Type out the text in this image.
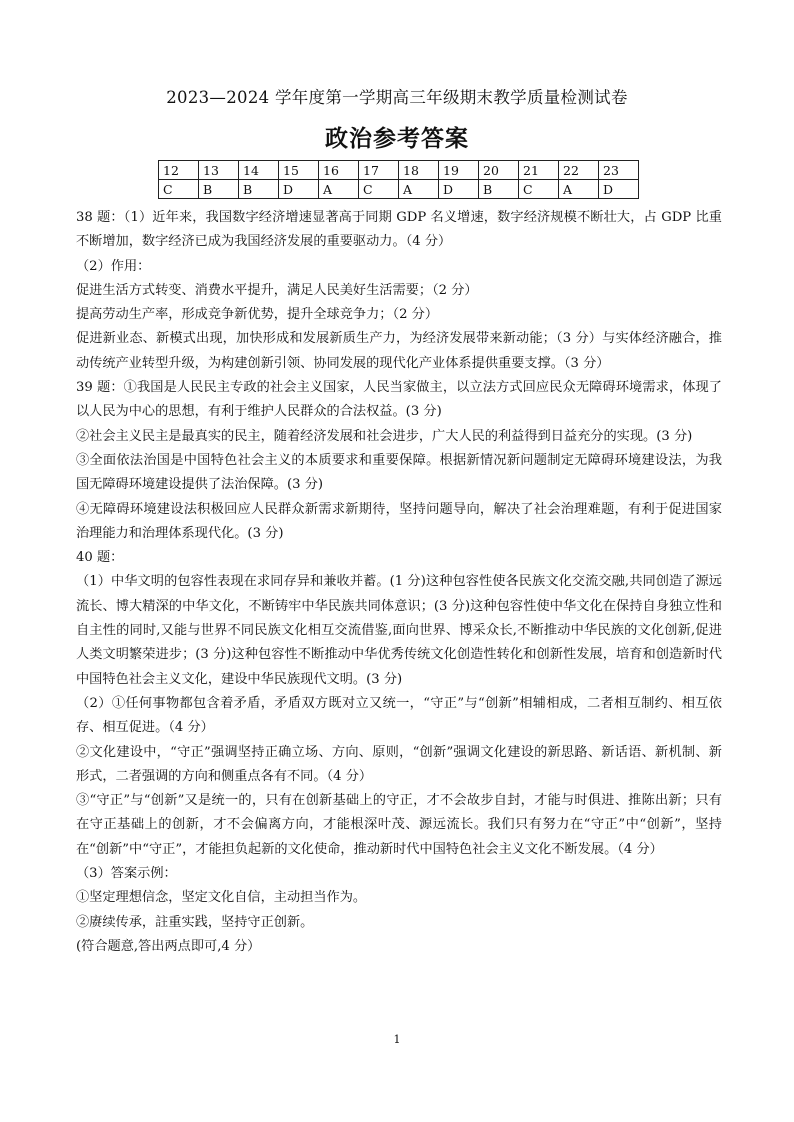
2023—2024 学年度第一学期高三年级期末教学质量检测试卷
政治参考答案
12	13	14	15	16	17	18	19	20	21	22	23
C	B	B	D	A	C	A	D	B	C	A	D

38 题：（1）近年来，我国数字经济增速显著高于同期 GDP 名义增速，数字经济规模不断壮大，占 GDP 比重不断增加，数字经济已成为我国经济发展的重要驱动力。（4 分）

（2）作用：

促进生活方式转变、消费水平提升，满足人民美好生活需要；（2 分）

提高劳动生产率，形成竞争新优势，提升全球竞争力；（2 分）

促进新业态、新模式出现，加快形成和发展新质生产力，为经济发展带来新动能；（3 分）与实体经济融合，推动传统产业转型升级，为构建创新引领、协同发展的现代化产业体系提供重要支撑。（3 分）

39 题：①我国是人民民主专政的社会主义国家，人民当家做主，以立法方式回应民众无障碍环境需求，体现了以人民为中心的思想，有利于维护人民群众的合法权益。(3 分)

②社会主义民主是最真实的民主，随着经济发展和社会进步，广大人民的利益得到日益充分的实现。(3 分)

③全面依法治国是中国特色社会主义的本质要求和重要保障。根据新情况新问题制定无障碍环境建设法，为我国无障碍环境建设提供了法治保障。(3 分)

④无障碍环境建设法积极回应人民群众新需求新期待，坚持问题导向，解决了社会治理难题，有利于促进国家治理能力和治理体系现代化。(3 分)

40 题：

（1）中华文明的包容性表现在求同存异和兼收并蓄。(1 分)这种包容性使各民族文化交流交融,共同创造了源远流长、博大精深的中华文化，不断铸牢中华民族共同体意识；(3 分)这种包容性使中华文化在保持自身独立性和自主性的同时,又能与世界不同民族文化相互交流借鉴,面向世界、博采众长,不断推动中华民族的文化创新,促进人类文明繁荣进步；(3 分)这种包容性不断推动中华优秀传统文化创造性转化和创新性发展，培育和创造新时代中国特色社会主义文化，建设中华民族现代文明。(3 分)

（2）①任何事物都包含着矛盾，矛盾双方既对立又统一，“守正”与“创新”相辅相成，二者相互制约、相互依存、相互促进。（4 分）

②文化建设中，“守正”强调坚持正确立场、方向、原则，“创新”强调文化建设的新思路、新话语、新机制、新形式，二者强调的方向和侧重点各有不同。（4 分）

③“守正”与“创新”又是统一的，只有在创新基础上的守正，才不会故步自封，才能与时俱进、推陈出新；只有在守正基础上的创新，才不会偏离方向，才能根深叶茂、源远流长。我们只有努力在“守正”中“创新”，坚持在“创新”中“守正”，才能担负起新的文化使命，推动新时代中国特色社会主义文化不断发展。（4 分）

（3）答案示例：

①坚定理想信念，坚定文化自信，主动担当作为。

②赓续传承，註重实践，坚持守正创新。

(符合题意,答出两点即可,4 分）

1
